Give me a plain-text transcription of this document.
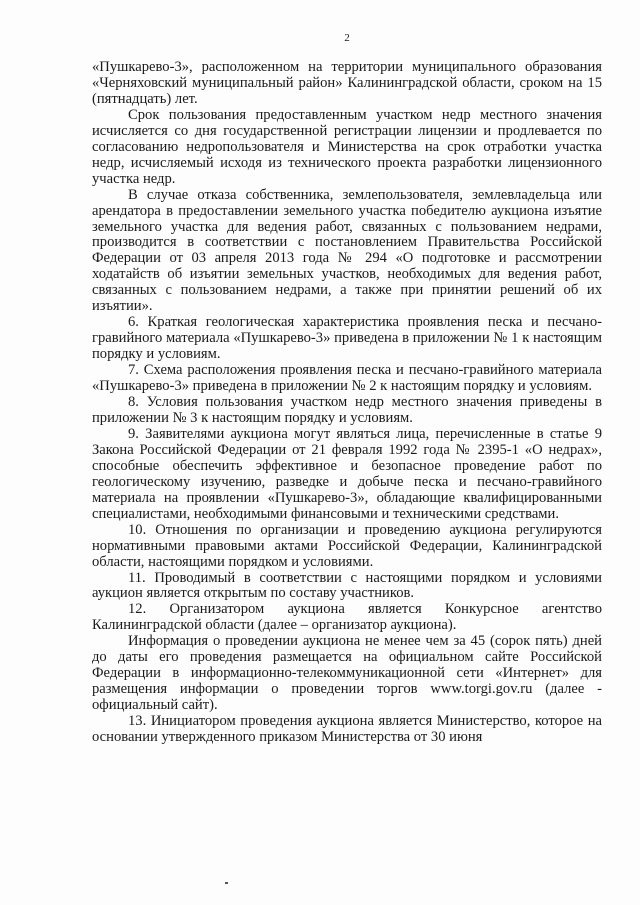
2

«Пушкарево-3», расположенном на территории муниципального образования «Черняховский муниципальный район» Калининградской области, сроком на 15 (пятнадцать) лет.

Срок пользования предоставленным участком недр местного значения исчисляется со дня государственной регистрации лицензии и продлевается по согласованию недропользователя и Министерства на срок отработки участка недр, исчисляемый исходя из технического проекта разработки лицензионного участка недр.

В случае отказа собственника, землепользователя, землевладельца или арендатора в предоставлении земельного участка победителю аукциона изъятие земельного участка для ведения работ, связанных с пользованием недрами, производится в соответствии с постановлением Правительства Российской Федерации от 03 апреля 2013 года № 294 «О подготовке и рассмотрении ходатайств об изъятии земельных участков, необходимых для ведения работ, связанных с пользованием недрами, а также при принятии решений об их изъятии».

6. Краткая геологическая характеристика проявления песка и песчано-гравийного материала «Пушкарево-3» приведена в приложении № 1 к настоящим порядку и условиям.

7. Схема расположения проявления песка и песчано-гравийного материала «Пушкарево-3» приведена в приложении № 2 к настоящим порядку и условиям.

8. Условия пользования участком недр местного значения приведены в приложении № 3 к настоящим порядку и условиям.

9. Заявителями аукциона могут являться лица, перечисленные в статье 9 Закона Российской Федерации от 21 февраля 1992 года № 2395-1 «О недрах», способные обеспечить эффективное и безопасное проведение работ по геологическому изучению, разведке и добыче песка и песчано-гравийного материала на проявлении «Пушкарево-3», обладающие квалифицированными специалистами, необходимыми финансовыми и техническими средствами.

10. Отношения по организации и проведению аукциона регулируются нормативными правовыми актами Российской Федерации, Калининградской области, настоящими порядком и условиями.

11. Проводимый в соответствии с настоящими порядком и условиями аукцион является открытым по составу участников.

12. Организатором аукциона является Конкурсное агентство Калининградской области (далее – организатор аукциона).

Информация о проведении аукциона не менее чем за 45 (сорок пять) дней до даты его проведения размещается на официальном сайте Российской Федерации в информационно-телекоммуникационной сети «Интернет» для размещения информации о проведении торгов www.torgi.gov.ru (далее - официальный сайт).

13. Инициатором проведения аукциона является Министерство, которое на основании утвержденного приказом Министерства от 30 июня
